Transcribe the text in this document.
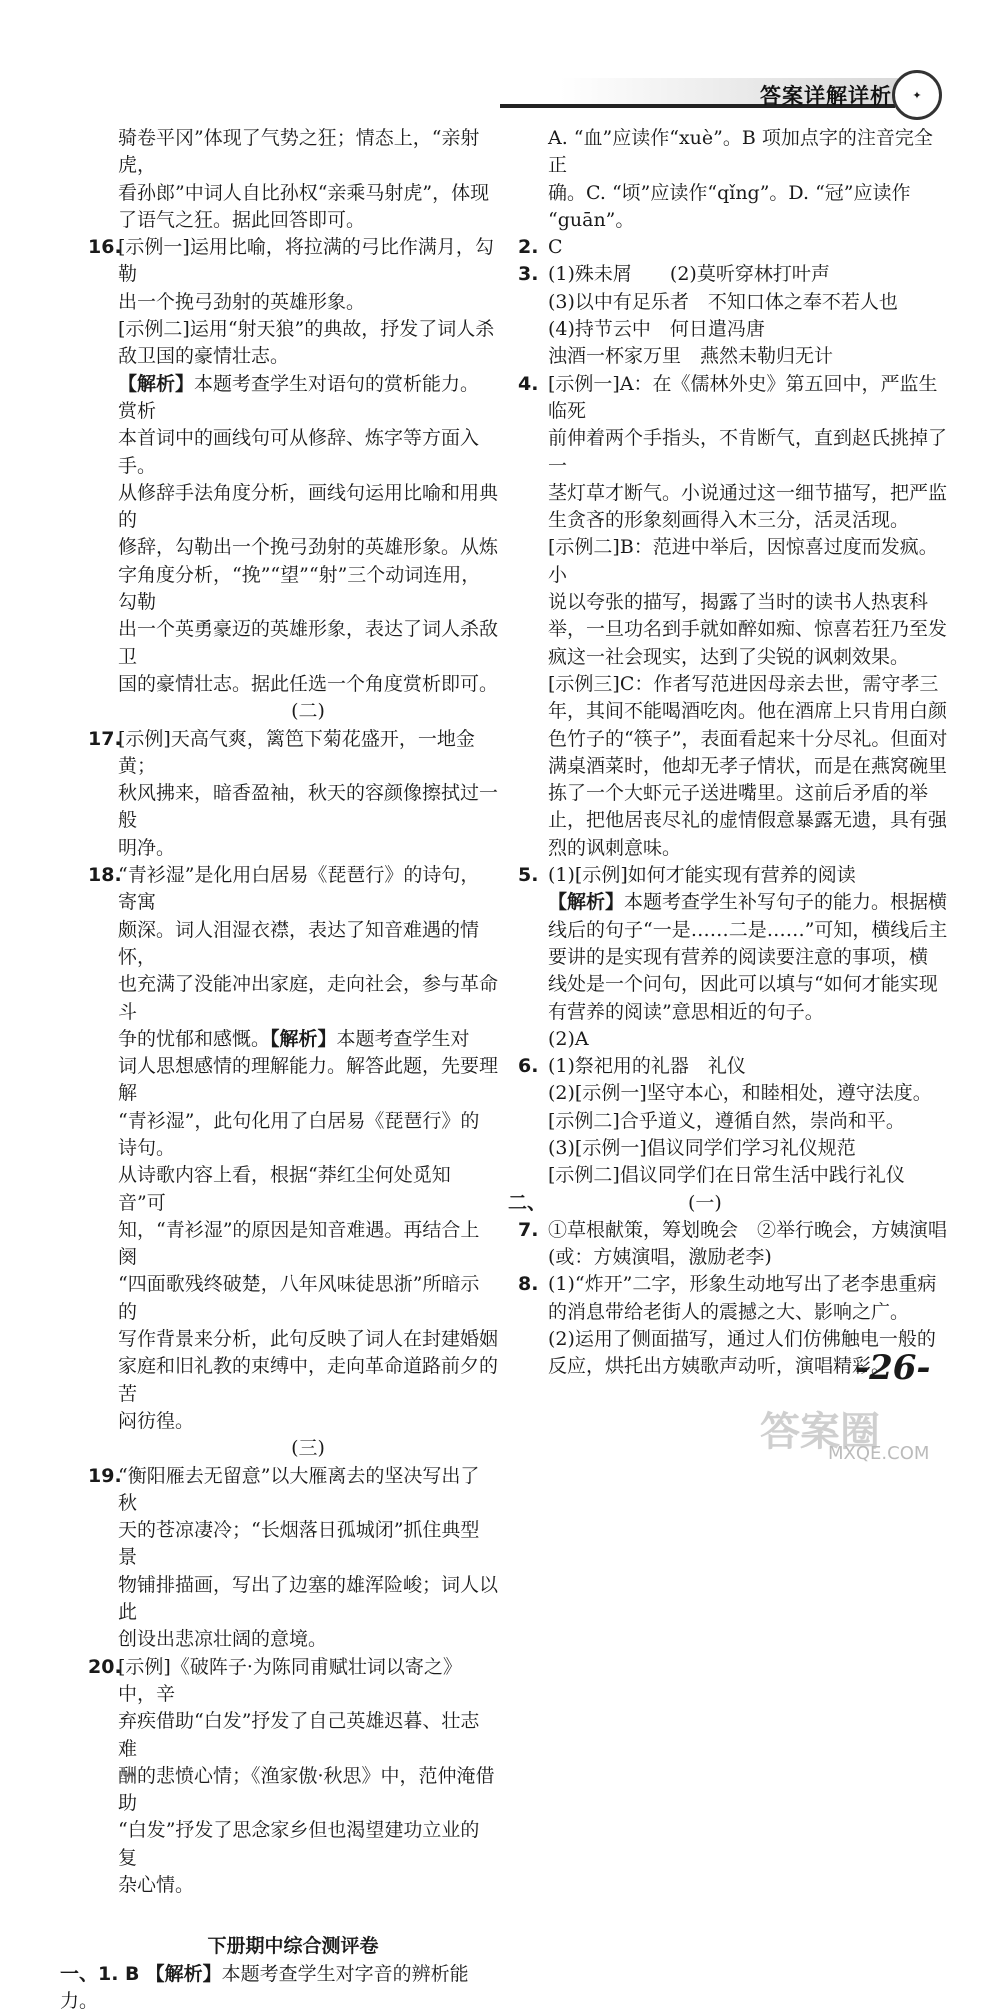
答案详解详析	✦

骑卷平冈”体现了气势之狂；情态上，“亲射虎，

看孙郎”中词人自比孙权“亲乘马射虎”，体现

了语气之狂。据此回答即可。

16.
[示例一]运用比喻，将拉满的弓比作满月，勾勒
出一个挽弓劲射的英雄形象。
[示例二]运用“射天狼”的典故，抒发了词人杀
敌卫国的豪情壮志。
【解析】本题考查学生对语句的赏析能力。赏析
本首词中的画线句可从修辞、炼字等方面入手。
从修辞手法角度分析，画线句运用比喻和用典的
修辞，勾勒出一个挽弓劲射的英雄形象。从炼
字角度分析，“挽”“望”“射”三个动词连用，勾勒
出一个英勇豪迈的英雄形象，表达了词人杀敌卫
国的豪情壮志。据此任选一个角度赏析即可。

(二)

17.
[示例]天高气爽，篱笆下菊花盛开，一地金黄；
秋风拂来，暗香盈袖，秋天的容颜像擦拭过一般
明净。
18.
“青衫湿”是化用白居易《琵琶行》的诗句，寄寓
颇深。词人泪湿衣襟，表达了知音难遇的情怀，
也充满了没能冲出家庭，走向社会，参与革命斗
争的忧郁和感慨。【解析】本题考查学生对
词人思想感情的理解能力。解答此题，先要理解
“青衫湿”，此句化用了白居易《琵琶行》的诗句。
从诗歌内容上看，根据“莽红尘何处觅知音”可
知，“青衫湿”的原因是知音难遇。再结合上阕
“四面歌残终破楚，八年风味徒思浙”所暗示的
写作背景来分析，此句反映了词人在封建婚姻
家庭和旧礼教的束缚中，走向革命道路前夕的苦
闷彷徨。

(三)

19.
“衡阳雁去无留意”以大雁离去的坚决写出了秋
天的苍凉凄冷；“长烟落日孤城闭”抓住典型景
物铺排描画，写出了边塞的雄浑险峻；词人以此
创设出悲凉壮阔的意境。
20.
[示例]《破阵子·为陈同甫赋壮词以寄之》中，辛
弃疾借助“白发”抒发了自己英雄迟暮、壮志难
酬的悲愤心情；《渔家傲·秋思》中，范仲淹借助
“白发”抒发了思念家乡但也渴望建功立业的复
杂心情。

下册期中综合测评卷

一、1. B 【解析】本题考查学生对字音的辨析能力。
A. “血”应读作“xuè”。B 项加点字的注音完全正
确。C. “顷”应读作“qǐng”。D. “冠”应读作
“guān”。
2. C
3. (1)殊未屑　　(2)莫听穿林打叶声
(3)以中有足乐者　不知口体之奉不若人也
(4)持节云中　何日遣冯唐
浊酒一杯家万里　燕然未勒归无计
4. [示例一]A：在《儒林外史》第五回中，严监生临死
前伸着两个手指头，不肯断气，直到赵氏挑掉了一
茎灯草才断气。小说通过这一细节描写，把严监
生贪吝的形象刻画得入木三分，活灵活现。
[示例二]B：范进中举后，因惊喜过度而发疯。小
说以夸张的描写，揭露了当时的读书人热衷科
举，一旦功名到手就如醉如痴、惊喜若狂乃至发
疯这一社会现实，达到了尖锐的讽刺效果。
[示例三]C：作者写范进因母亲去世，需守孝三
年，其间不能喝酒吃肉。他在酒席上只肯用白颜
色竹子的“筷子”，表面看起来十分尽礼。但面对
满桌酒菜时，他却无孝子情状，而是在燕窝碗里
拣了一个大虾元子送进嘴里。这前后矛盾的举
止，把他居丧尽礼的虚情假意暴露无遗，具有强
烈的讽刺意味。
5. (1)[示例]如何才能实现有营养的阅读
【解析】本题考查学生补写句子的能力。根据横
线后的句子“一是……二是……”可知，横线后主
要讲的是实现有营养的阅读要注意的事项，横
线处是一个问句，因此可以填与“如何才能实现
有营养的阅读”意思相近的句子。
(2)A
6. (1)祭祀用的礼器　礼仪
(2)[示例一]坚守本心，和睦相处，遵守法度。
[示例二]合乎道义，遵循自然，崇尚和平。
(3)[示例一]倡议同学们学习礼仪规范
[示例二]倡议同学们在日常生活中践行礼仪
二、	(一)
7. ①草根献策，筹划晚会　②举行晚会，方姨演唱
(或：方姨演唱，激励老李)
8. (1)“炸开”二字，形象生动地写出了老李患重病
的消息带给老街人的震撼之大、影响之广。
(2)运用了侧面描写，通过人们仿佛触电一般的
反应，烘托出方姨歌声动听，演唱精彩。
-26-
答案圈
MXQE.COM
